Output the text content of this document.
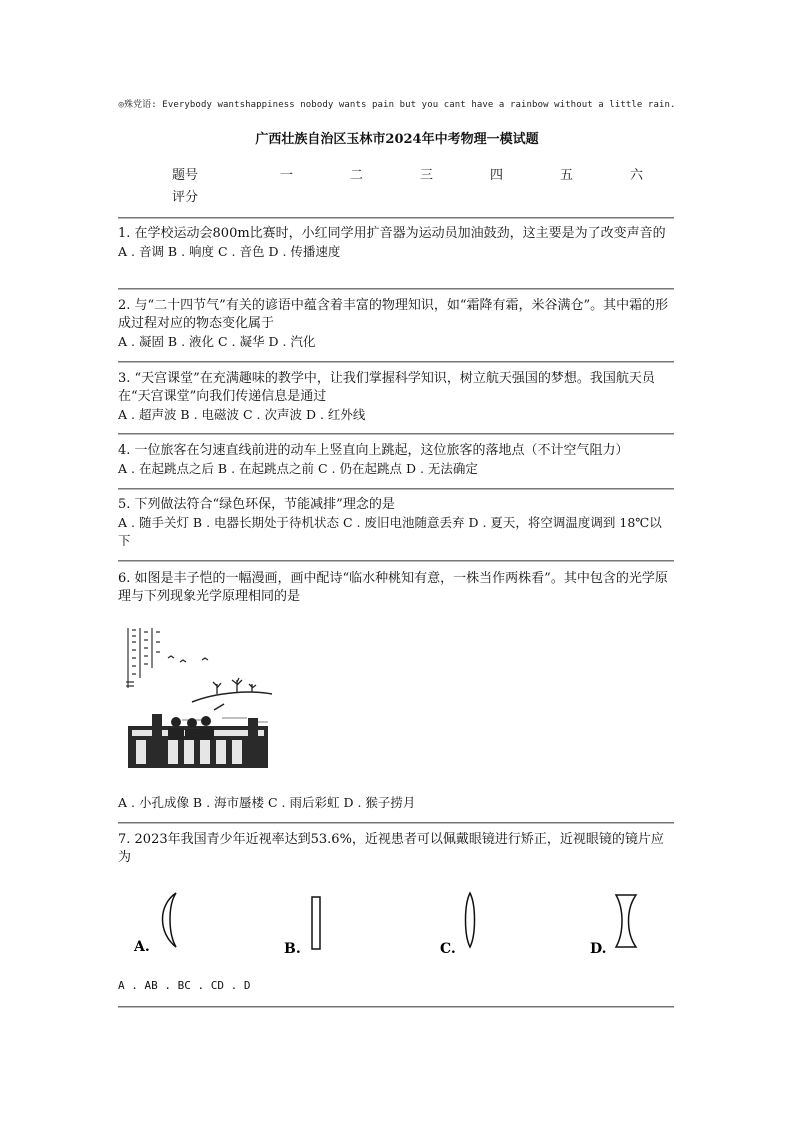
◎殊党语: Everybody wantshappiness nobody wants pain but you cant have a rainbow without a little rain.
广西壮族自治区玉林市2024年中考物理一模试题
题号	一	二	三	四	五	六
评分

1. 在学校运动会800m比赛时，小红同学用扩音器为运动员加油鼓劲，这主要是为了改变声音的

A . 音调 B . 响度 C . 音色 D . 传播速度

2. 与“二十四节气”有关的谚语中蕴含着丰富的物理知识，如“霜降有霜，米谷满仓”。其中霜的形成过程对应的物态变化属于

A . 凝固 B . 液化 C . 凝华 D . 汽化

3. “天宫课堂”在充满趣味的教学中，让我们掌握科学知识，树立航天强国的梦想。我国航天员在“天宫课堂”向我们传递信息是通过

A . 超声波 B . 电磁波 C . 次声波 D . 红外线

4. 一位旅客在匀速直线前进的动车上竖直向上跳起，这位旅客的落地点（不计空气阻力）

A . 在起跳点之后 B . 在起跳点之前 C . 仍在起跳点 D . 无法确定

5. 下列做法符合“绿色环保，节能减排”理念的是

A . 随手关灯 B . 电器长期处于待机状态 C . 废旧电池随意丢弃 D . 夏天，将空调温度调到 18℃以下

6. 如图是丰子恺的一幅漫画，画中配诗“临水种桃知有意，一株当作两株看”。其中包含的光学原理与下列现象光学原理相同的是

A . 小孔成像 B . 海市蜃楼 C . 雨后彩虹 D . 猴子捞月

7. 2023年我国青少年近视率达到53.6%，近视患者可以佩戴眼镜进行矫正，近视眼镜的镜片应为

A.	B.	C.	D.

A . AB . BC . CD . D
